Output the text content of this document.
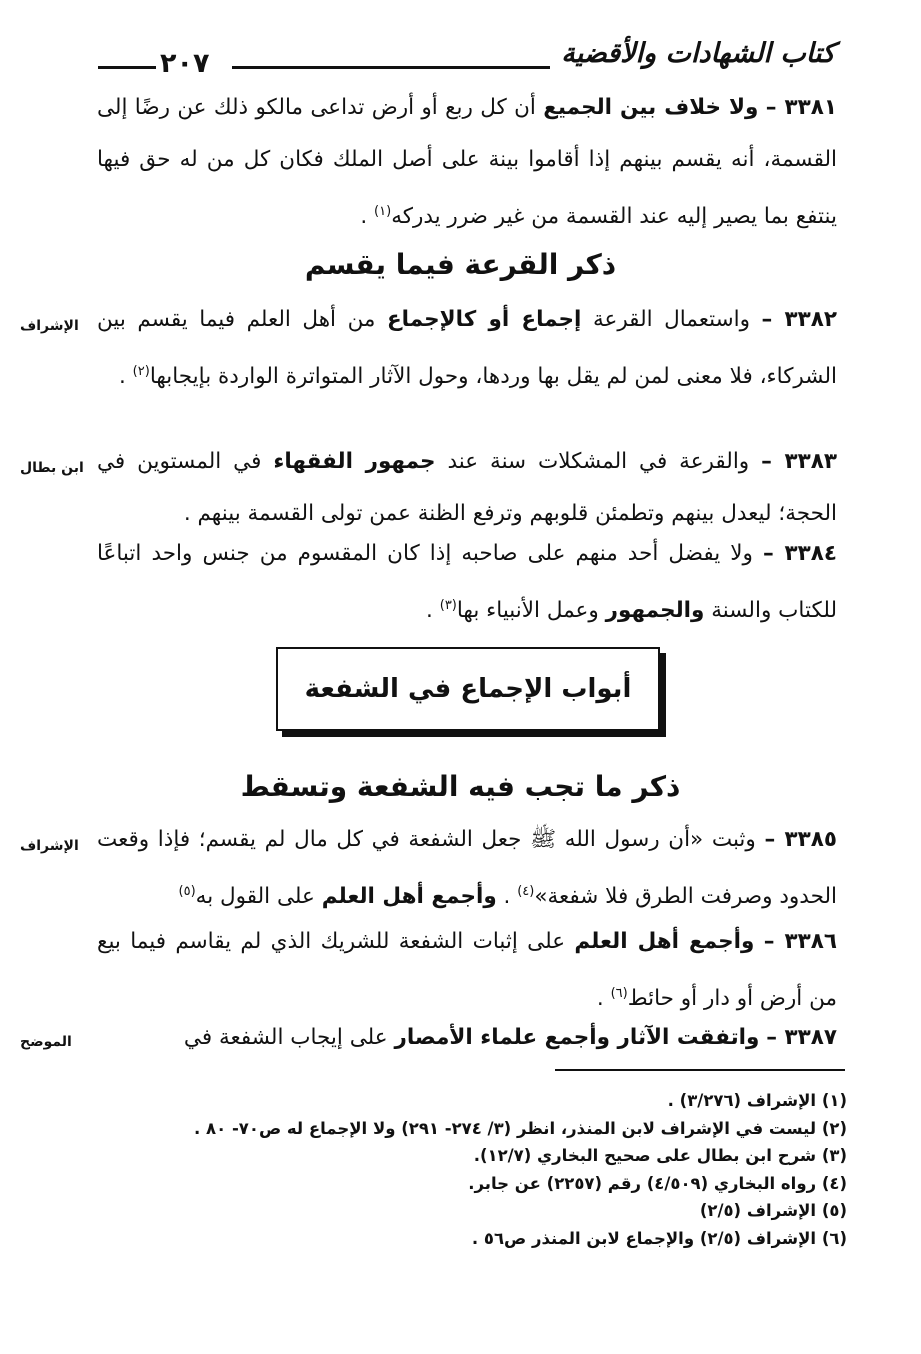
كتاب الشهادات والأقضية
٢٠٧
٣٣٨١ – ولا خلاف بين الجميع أن كل ربع أو أرض تداعى مالكو ذلك عن رضًا إلى القسمة، أنه يقسم بينهم إذا أقاموا بينة على أصل الملك فكان كل من له حق فيها ينتفع بما يصير إليه عند القسمة من غير ضرر يدركه$^{(١)}$ .
ذكر القرعة فيما يقسم
الإشراف	٣٣٨٢ – واستعمال القرعة إجماع أو كالإجماع من أهل العلم فيما يقسم بين الشركاء، فلا معنى لمن لم يقل بها وردها، وحول الآثار المتواترة الواردة بإيجابها$^{(٢)}$ .
ابن بطال	٣٣٨٣ – والقرعة في المشكلات سنة عند جمهور الفقهاء في المستوين في الحجة؛ ليعدل بينهم وتطمئن قلوبهم وترفع الظنة عمن تولى القسمة بينهم .
٣٣٨٤ – ولا يفضل أحد منهم على صاحبه إذا كان المقسوم من جنس واحد اتباعًا للكتاب والسنة والجمهور وعمل الأنبياء بها$^{(٣)}$ .
أبواب الإجماع في الشفعة
ذكر ما تجب فيه الشفعة وتسقط
الإشراف	٣٣٨٥ – وثبت «أن رسول الله ﷺ جعل الشفعة في كل مال لم يقسم؛ فإذا وقعت الحدود وصرفت الطرق فلا شفعة»$^{(٤)}$ . وأجمع أهل العلم على القول به$^{(٥)}$
٣٣٨٦ – وأجمع أهل العلم على إثبات الشفعة للشريك الذي لم يقاسم فيما بيع من أرض أو دار أو حائط$^{(٦)}$ .
الموضح	٣٣٨٧ – واتفقت الآثار وأجمع علماء الأمصار على إيجاب الشفعة في
(١) الإشراف (٣/٢٧٦) .
(٢) ليست في الإشراف لابن المنذر، انظر (٣/ ٢٧٤- ٢٩١) ولا الإجماع له ص٧٠- ٨٠ .
(٣) شرح ابن بطال على صحيح البخاري (١٢/٧).
(٤) رواه البخاري (٤/٥٠٩) رقم (٢٢٥٧) عن جابر.
(٥) الإشراف (٢/٥)
(٦) الإشراف (٢/٥) والإجماع لابن المنذر ص٥٦ .
